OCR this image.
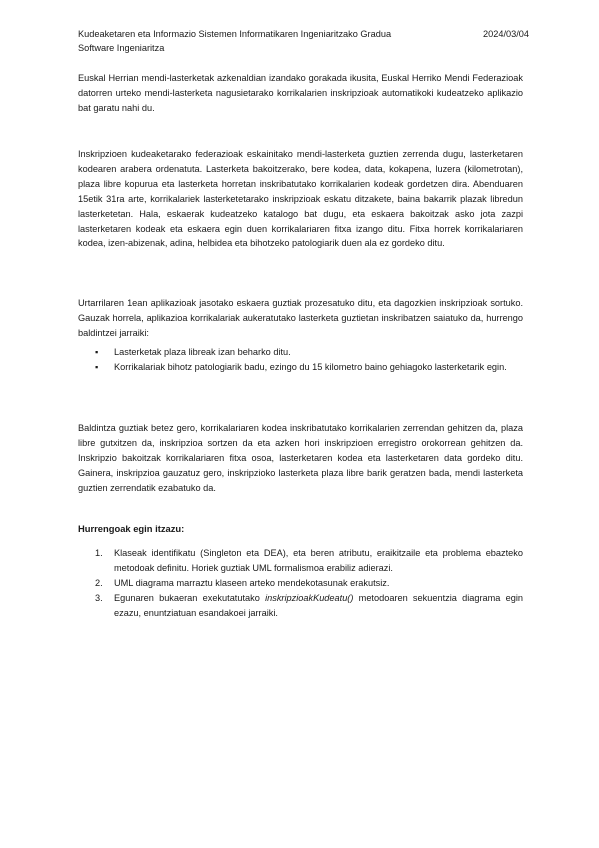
Kudeaketaren eta Informazio Sistemen Informatikaren Ingeniaritzako Gradua	2024/03/04
Software Ingeniaritza

Euskal Herrian mendi-lasterketak azkenaldian izandako gorakada ikusita, Euskal Herriko Mendi Federazioak datorren urteko mendi-lasterketa nagusietarako korrikalarien inskripzioak automatikoki kudeatzeko aplikazio bat garatu nahi du.

Inskripzioen kudeaketarako federazioak eskainitako mendi-lasterketa guztien zerrenda dugu, lasterketaren kodearen arabera ordenatuta. Lasterketa bakoitzerako, bere kodea, data, kokapena, luzera (kilometrotan), plaza libre kopurua eta lasterketa horretan inskribatutako korrikalarien kodeak gordetzen dira. Abenduaren 15etik 31ra arte, korrikalariek lasterketetarako inskripzioak eskatu ditzakete, baina bakarrik plazak libredun lasterketetan. Hala, eskaerak kudeatzeko katalogo bat dugu, eta eskaera bakoitzak asko jota zazpi lasterketaren kodeak eta eskaera egin duen korrikalariaren fitxa izango ditu. Fitxa horrek korrikalariaren kodea, izen-abizenak, adina, helbidea eta bihotzeko patologiarik duen ala ez gordeko ditu.

Urtarrilaren 1ean aplikazioak jasotako eskaera guztiak prozesatuko ditu, eta dagozkien inskripzioak sortuko. Gauzak horrela, aplikazioa korrikalariak aukeratutako lasterketa guztietan inskribatzen saiatuko da, hurrengo baldintzei jarraiki:

▪ Lasterketak plaza libreak izan beharko ditu.
▪ Korrikalariak bihotz patologiarik badu, ezingo du 15 kilometro baino gehiagoko lasterketarik egin.

Baldintza guztiak betez gero, korrikalariaren kodea inskribatutako korrikalarien zerrendan gehitzen da, plaza libre gutxitzen da, inskripzioa sortzen da eta azken hori inskripzioen erregistro orokorrean gehitzen da. Inskripzio bakoitzak korrikalariaren fitxa osoa, lasterketaren kodea eta lasterketaren data gordeko ditu. Gainera, inskripzioa gauzatuz gero, inskripzioko lasterketa plaza libre barik geratzen bada, mendi lasterketa guztien zerrendatik ezabatuko da.

Hurrengoak egin itzazu:

1. Klaseak identifikatu (Singleton eta DEA), eta beren atributu, eraikitzaile eta problema ebazteko metodoak definitu. Horiek guztiak UML formalismoa erabiliz adierazi.
2. UML diagrama marraztu klaseen arteko mendekotasunak erakutsiz.
3. Egunaren bukaeran exekutatutako inskripzioakKudeatu() metodoaren sekuentzia diagrama egin ezazu, enuntziatuan esandakoei jarraiki.
